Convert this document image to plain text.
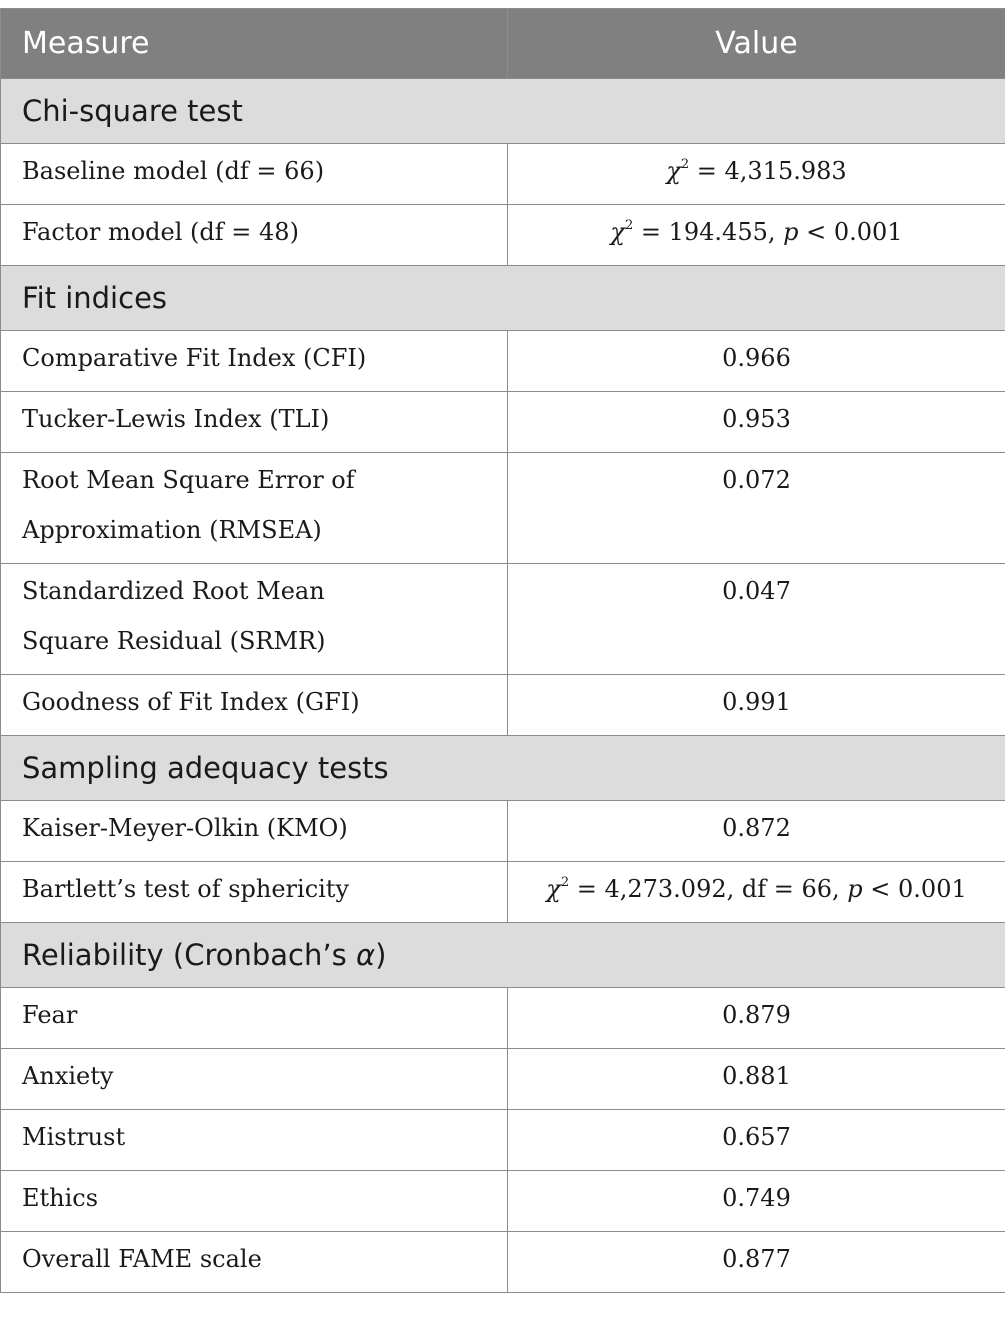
Measure	Value
Chi-square test	
Baseline model (df = 66)	$\chi^2 = 4,315.983$
Factor model (df = 48)	$\chi^2 = 194.455$, p < 0.001
Fit indices	
Comparative Fit Index (CFI)	0.966
Tucker-Lewis Index (TLI)	0.953
Root Mean Square Error of Approximation (RMSEA)	0.072
Standardized Root Mean Square Residual (SRMR)	0.047
Goodness of Fit Index (GFI)	0.991
Sampling adequacy tests	
Kaiser-Meyer-Olkin (KMO)	0.872
Bartlett’s test of sphericity	$\chi^2 = 4,273.092$, df = 66, p < 0.001
Reliability (Cronbach’s α)	
Fear	0.879
Anxiety	0.881
Mistrust	0.657
Ethics	0.749
Overall FAME scale	0.877
